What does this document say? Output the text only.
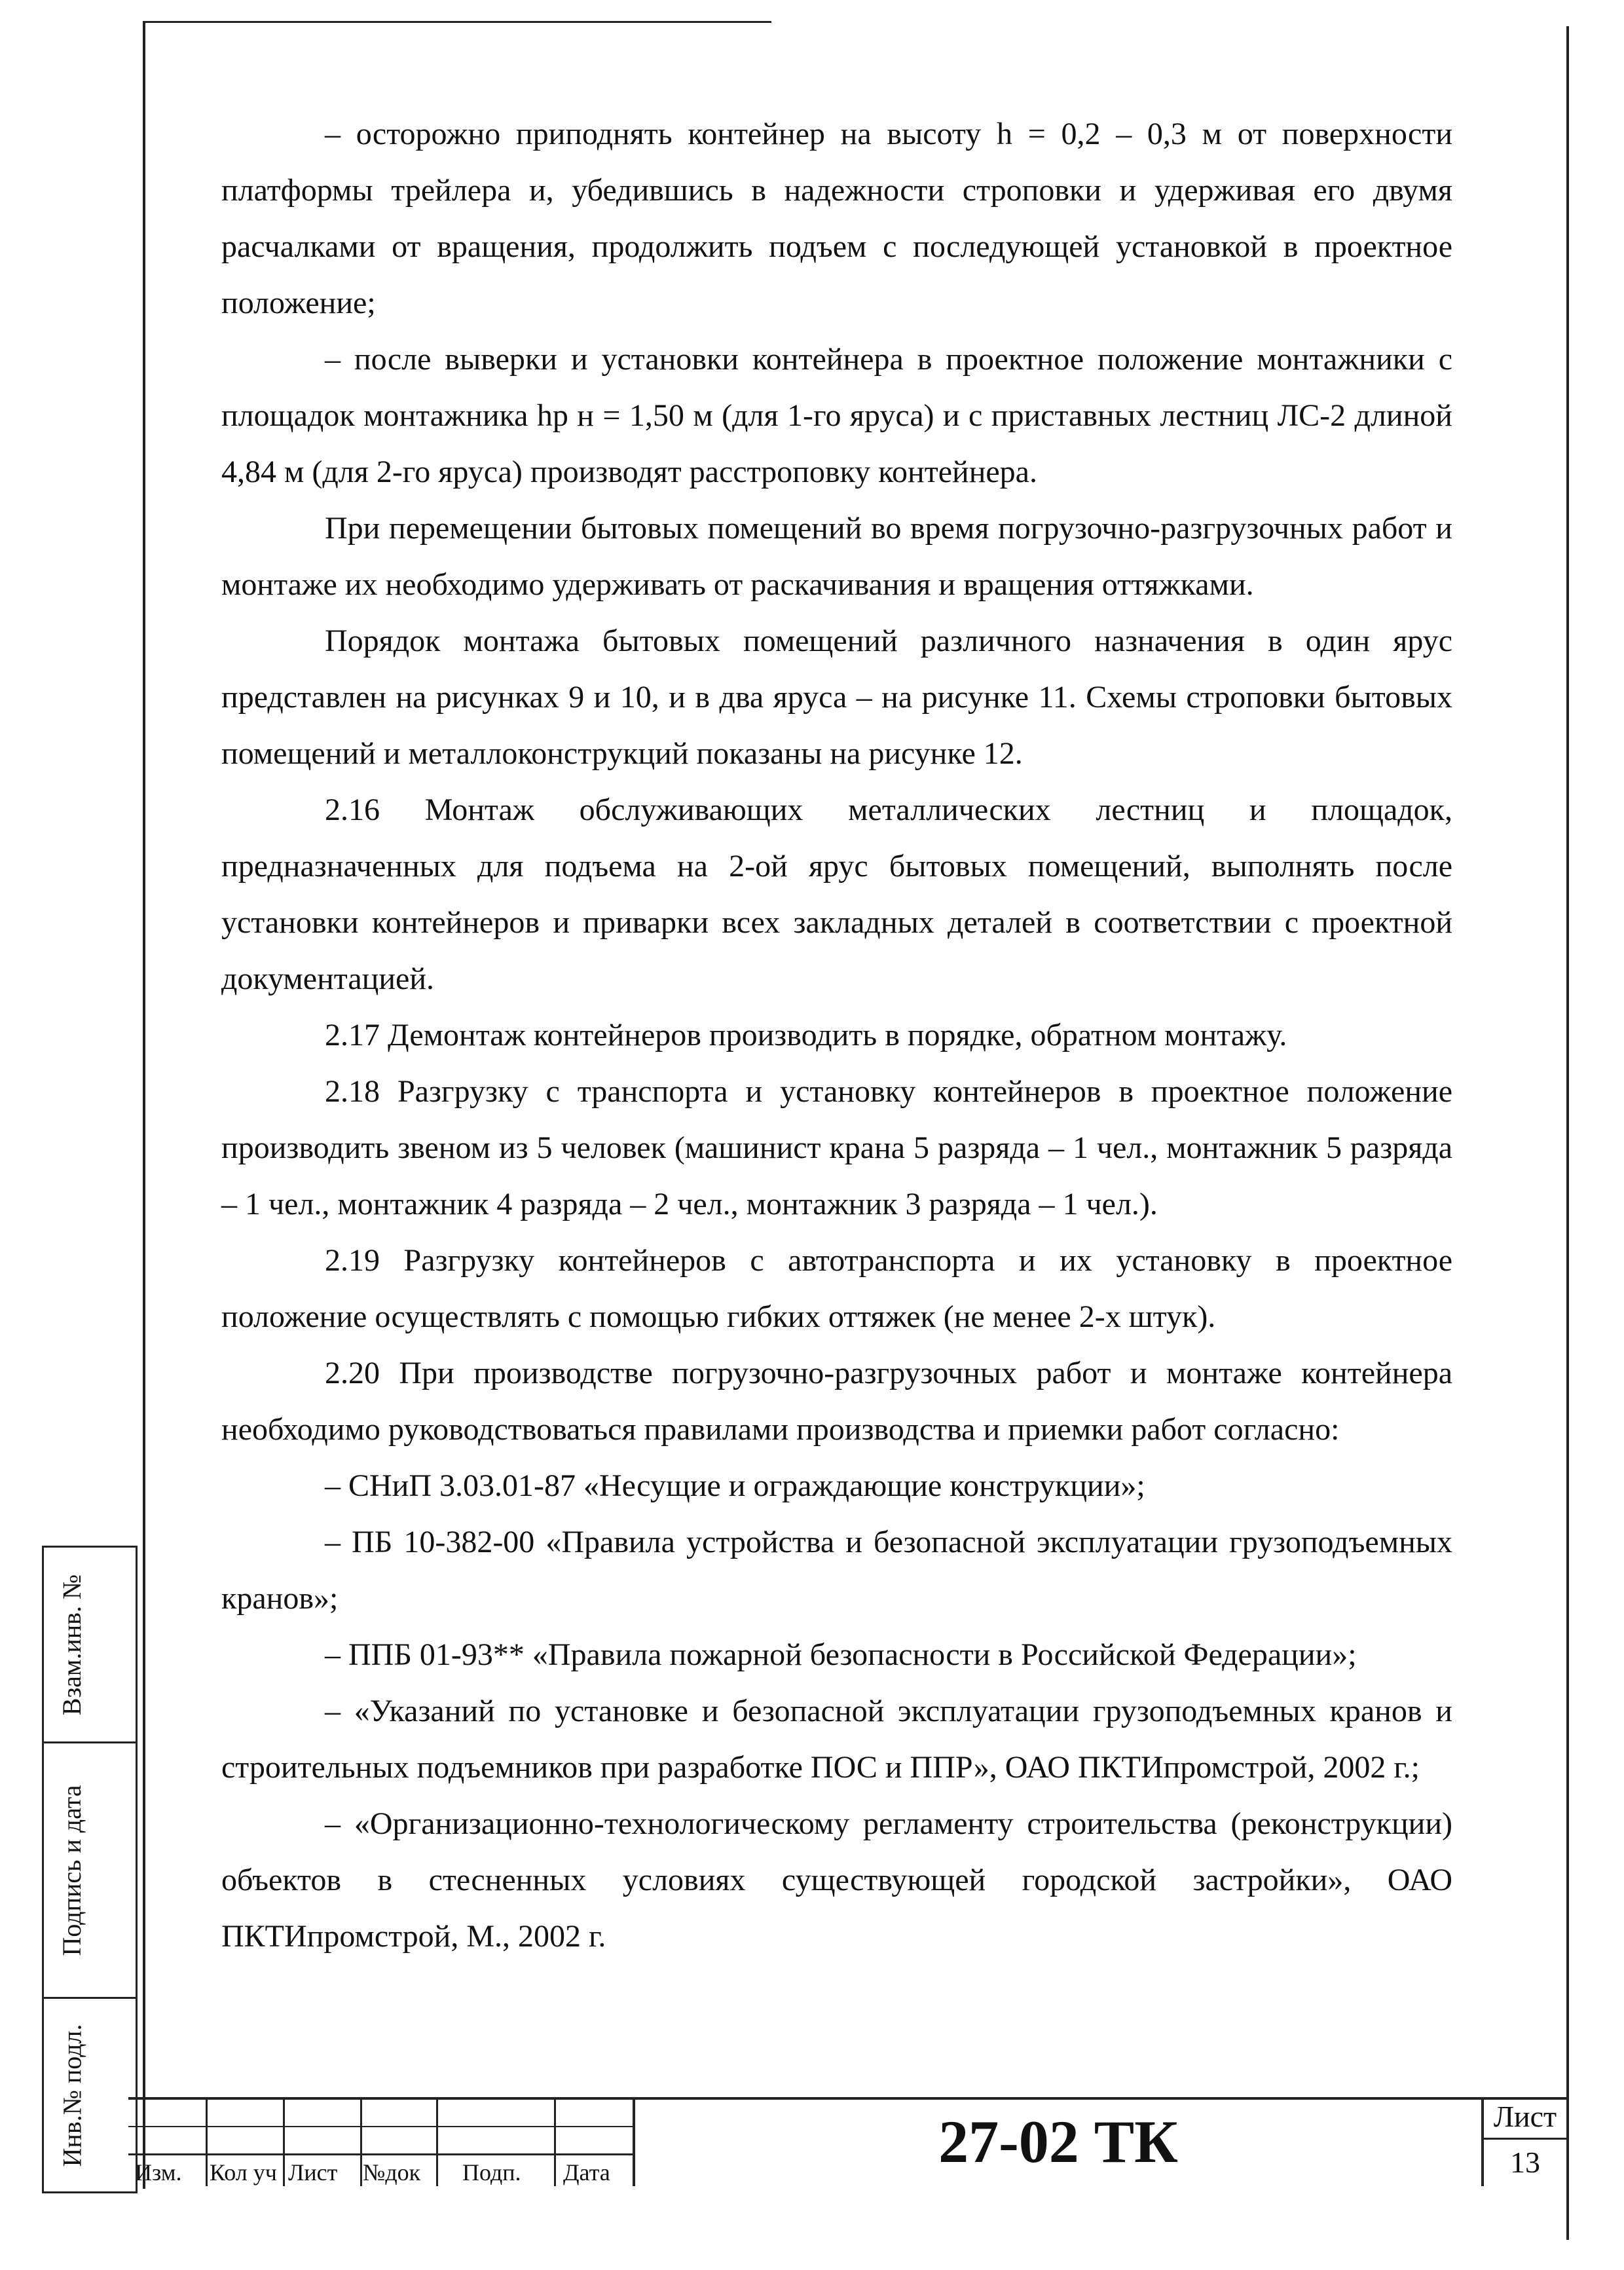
– осторожно приподнять контейнер на высоту h = 0,2 – 0,3 м от поверхности платформы трейлера и, убедившись в надежности строповки и удерживая его двумя расчалками от вращения, продолжить подъем с последующей установкой в проектное положение;

– после выверки и установки контейнера в проектное положение монтажники с площадок монтажника hр н = 1,50 м (для 1-го яруса) и с приставных лестниц ЛС-2 длиной 4,84 м (для 2-го яруса) производят расстроповку контейнера.

При перемещении бытовых помещений во время погрузочно-разгрузочных работ и монтаже их необходимо удерживать от раскачивания и вращения оттяжками.

Порядок монтажа бытовых помещений различного назначения в один ярус представлен на рисунках 9 и 10, и в два яруса – на рисунке 11. Схемы строповки бытовых помещений и металлоконструкций показаны на рисунке 12.

2.16 Монтаж обслуживающих металлических лестниц и площадок, предназначенных для подъема на 2-ой ярус бытовых помещений, выполнять после установки контейнеров и приварки всех закладных деталей в соответствии с проектной документацией.

2.17 Демонтаж контейнеров производить в порядке, обратном монтажу.

2.18 Разгрузку с транспорта и установку контейнеров в проектное положение производить звеном из 5 человек (машинист крана 5 разряда – 1 чел., монтажник 5 разряда – 1 чел., монтажник 4 разряда – 2 чел., монтажник 3 разряда – 1 чел.).

2.19 Разгрузку контейнеров с автотранспорта и их установку в проектное положение осуществлять с помощью гибких оттяжек (не менее 2-х штук).

2.20 При производстве погрузочно-разгрузочных работ и монтаже контейнера необходимо руководствоваться правилами производства и приемки работ согласно:

– СНиП 3.03.01-87 «Несущие и ограждающие конструкции»;

– ПБ 10-382-00 «Правила устройства и безопасной эксплуатации грузоподъемных кранов»;

– ППБ 01-93** «Правила пожарной безопасности в Российской Федерации»;

– «Указаний по установке и безопасной эксплуатации грузоподъемных кранов и строительных подъемников при разработке ПОС и ППР», ОАО ПКТИпромстрой, 2002 г.;

– «Организационно-технологическому регламенту строительства (реконструкции) объектов в стесненных условиях существующей городской застройки», ОАО ПКТИпромстрой, М., 2002 г.

Взам.инв. №
Подпись и дата
Инв.№ подл.
Изм. Кол уч Лист №док Подп. Дата	27-02 ТК	Лист
13
